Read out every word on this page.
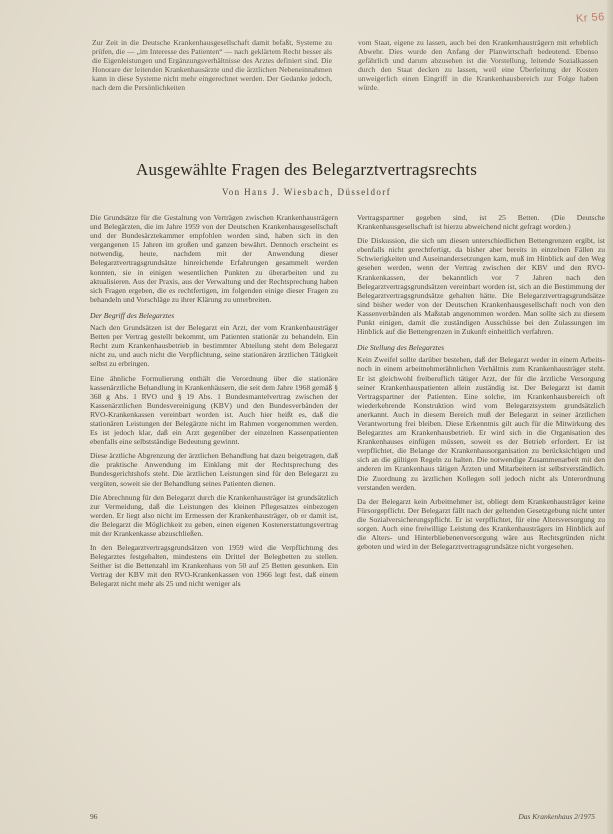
Kr 56
Zur Zeit in die Deutsche Krankenhausgesellschaft damit befaßt, Systeme zu prüfen, die — „im Interesse des Patienten“ — nach geklärtem Recht besser als die Eigenleistungen und Ergänzungsverhältnisse des Arztes definiert sind. Die Honorare der leitenden Krankenhausärzte und die ärztlichen Nebeneinnahmen kann in diese Systeme nicht mehr eingerechnet werden. Der Gedanke jedoch, nach dem die Persönlichkeiten
vom Staat, eigene zu lassen, auch bei den Krankenhausträgern mit erheblich Abwehr. Dies wurde den Anfang der Planwirtschaft bedeutend. Ebenso gefährlich und darum abzusehen ist die Vorstellung, leitende Sozialkassen durch den Staat decken zu lassen, weil eine Überleitung der Kosten unweigerlich einen Eingriff in die Krankenhausbereich zur Folge haben würde.
Ausgewählte Fragen des Belegarztvertragsrechts
Von Hans J. Wiesbach, Düsseldorf

Die Grundsätze für die Gestaltung von Verträgen zwischen Krankenhausträgern und Belegärzten, die im Jahre 1959 von der Deutschen Krankenhausgesellschaft und der Bundesärztekammer empfohlen worden sind, haben sich in den vergangenen 15 Jahren im großen und ganzen bewährt. Dennoch erscheint es notwendig, heute, nachdem mit der Anwendung dieser Belegarztvertragsgrundsätze hinreichende Erfahrungen gesammelt werden konnten, sie in einigen wesentlichen Punkten zu überarbeiten und zu aktualisieren. Aus der Praxis, aus der Verwaltung und der Rechtsprechung haben sich Fragen ergeben, die es rechtfertigen, im folgenden einige dieser Fragen zu behandeln und Vorschläge zu ihrer Klärung zu unterbreiten.

Der Begriff des Belegarztes

Nach den Grundsätzen ist der Belegarzt ein Arzt, der vom Krankenhausträger Betten per Vertrag gestellt bekommt, um Patienten stationär zu behandeln. Ein Recht zum Krankenhausbetrieb in bestimmter Abteilung steht dem Belegarzt nicht zu, und auch nicht die Verpflichtung, seine stationären ärztlichen Tätigkeit selbst zu erbringen.

Eine ähnliche Formulierung enthält die Verordnung über die stationäre kassenärztliche Behandlung in Krankenhäusern, die seit dem Jahre 1968 gemäß § 368 g Abs. 1 RVO und § 19 Abs. 1 Bundesmantelvertrag zwischen der Kassenärztlichen Bundesvereinigung (KBV) und den Bundesverbänden der RVO-Krankenkassen vereinbart worden ist. Auch hier heißt es, daß die stationären Leistungen der Belegärzte nicht im Rahmen vorgenommen werden. Es ist jedoch klar, daß ein Arzt gegenüber der einzelnen Kassenpatienten ebenfalls eine selbstständige Bedeutung gewinnt.

Diese ärztliche Abgrenzung der ärztlichen Behandlung hat dazu beigetragen, daß die praktische Anwendung im Einklang mit der Rechtsprechung des Bundesgerichtshofs steht. Die ärztlichen Leistungen sind für den Belegarzt zu vergüten, soweit sie der Behandlung seines Patienten dienen.

Die Abrechnung für den Belegarzt durch die Krankenhausträger ist grundsätzlich zur Vermeidung, daß die Leistungen des kleinen Pflegesatzes einbezogen werden. Er liegt also nicht im Ermessen der Krankenhausträger, ob er damit ist, die Belegarzt die Möglichkeit zu geben, einen eigenen Kostenerstattungsvertrag mit der Krankenkasse abzuschließen.

In den Belegarztvertragsgrundsätzen von 1959 wird die Verpflichtung des Belegarztes festgehalten, mindestens ein Drittel der Belegbetten zu stellen. Seither ist die Bettenzahl im Krankenhaus von 50 auf 25 Betten gesunken. Ein Vertrag der KBV mit den RVO-Krankenkassen von 1966 legt fest, daß einem Belegarzt nicht mehr als 25 und nicht weniger als

Vertragspartner gegeben sind, ist 25 Betten. (Die Deutsche Krankenhausgesellschaft ist hierzu abweichend nicht gefragt worden.)

Die Diskussion, die sich um diesen unterschiedlichen Bettengrenzen ergibt, ist ebenfalls nicht gerechtfertigt, da bisher aber bereits in einzelnen Fällen zu Schwierigkeiten und Auseinandersetzungen kam, muß im Hinblick auf den Weg gesehen werden, wenn der Vertrag zwischen der KBV und den RVO-Krankenkassen, der bekanntlich vor 7 Jahren nach den Belegarztvertragsgrundsätzen vereinbart worden ist, sich an die Bestimmung der Belegarztvertragsgrundsätze gehalten hätte. Die Belegarztvertragsgrundsätze sind bisher weder von der Deutschen Krankenhausgesellschaft noch von den Kassenverbänden als Maßstab angenommen worden. Man sollte sich zu diesem Punkt einigen, damit die zuständigen Ausschüsse bei den Zulassungen im Hinblick auf die Bettengrenzen in Zukunft einheitlich verfahren.

Die Stellung des Belegarztes

Kein Zweifel sollte darüber bestehen, daß der Belegarzt weder in einem Arbeits- noch in einem arbeitnehmerähnlichen Verhältnis zum Krankenhausträger steht. Er ist gleichwohl freiberuflich tätiger Arzt, der für die ärztliche Versorgung seiner Krankenhauspatienten allein zuständig ist. Der Belegarzt ist damit Vertragspartner der Patienten. Eine solche, im Krankenhausbereich oft wiederkehrende Konstruktion wird vom Belegarztsystem grundsätzlich anerkannt. Auch in diesem Bereich muß der Belegarzt in seiner ärztlichen Verantwortung frei bleiben. Diese Erkenntnis gilt auch für die Mitwirkung des Belegarztes am Krankenhausbetrieb. Er wird sich in die Organisation des Krankenhauses einfügen müssen, soweit es der Betrieb erfordert. Er ist verpflichtet, die Belange der Krankenhausorganisation zu berücksichtigen und sich an die gültigen Regeln zu halten. Die notwendige Zusammenarbeit mit den anderen im Krankenhaus tätigen Ärzten und Mitarbeitern ist selbstverständlich. Die Zuordnung zu ärztlichen Kollegen soll jedoch nicht als Unterordnung verstanden werden.

Da der Belegarzt kein Arbeitnehmer ist, obliegt dem Krankenhausträger keine Fürsorgepflicht. Der Belegarzt fällt nach der geltenden Gesetzgebung nicht unter die Sozialversicherungspflicht. Er ist verpflichtet, für eine Altersversorgung zu sorgen. Auch eine freiwillige Leistung des Krankenhausträgers im Hinblick auf die Alters- und Hinterbliebenenversorgung wäre aus Rechtsgründen nicht geboten und wird in der Belegarztvertragsgrundsätze nicht vorgesehen.

96	Das Krankenhaus 2/1975
